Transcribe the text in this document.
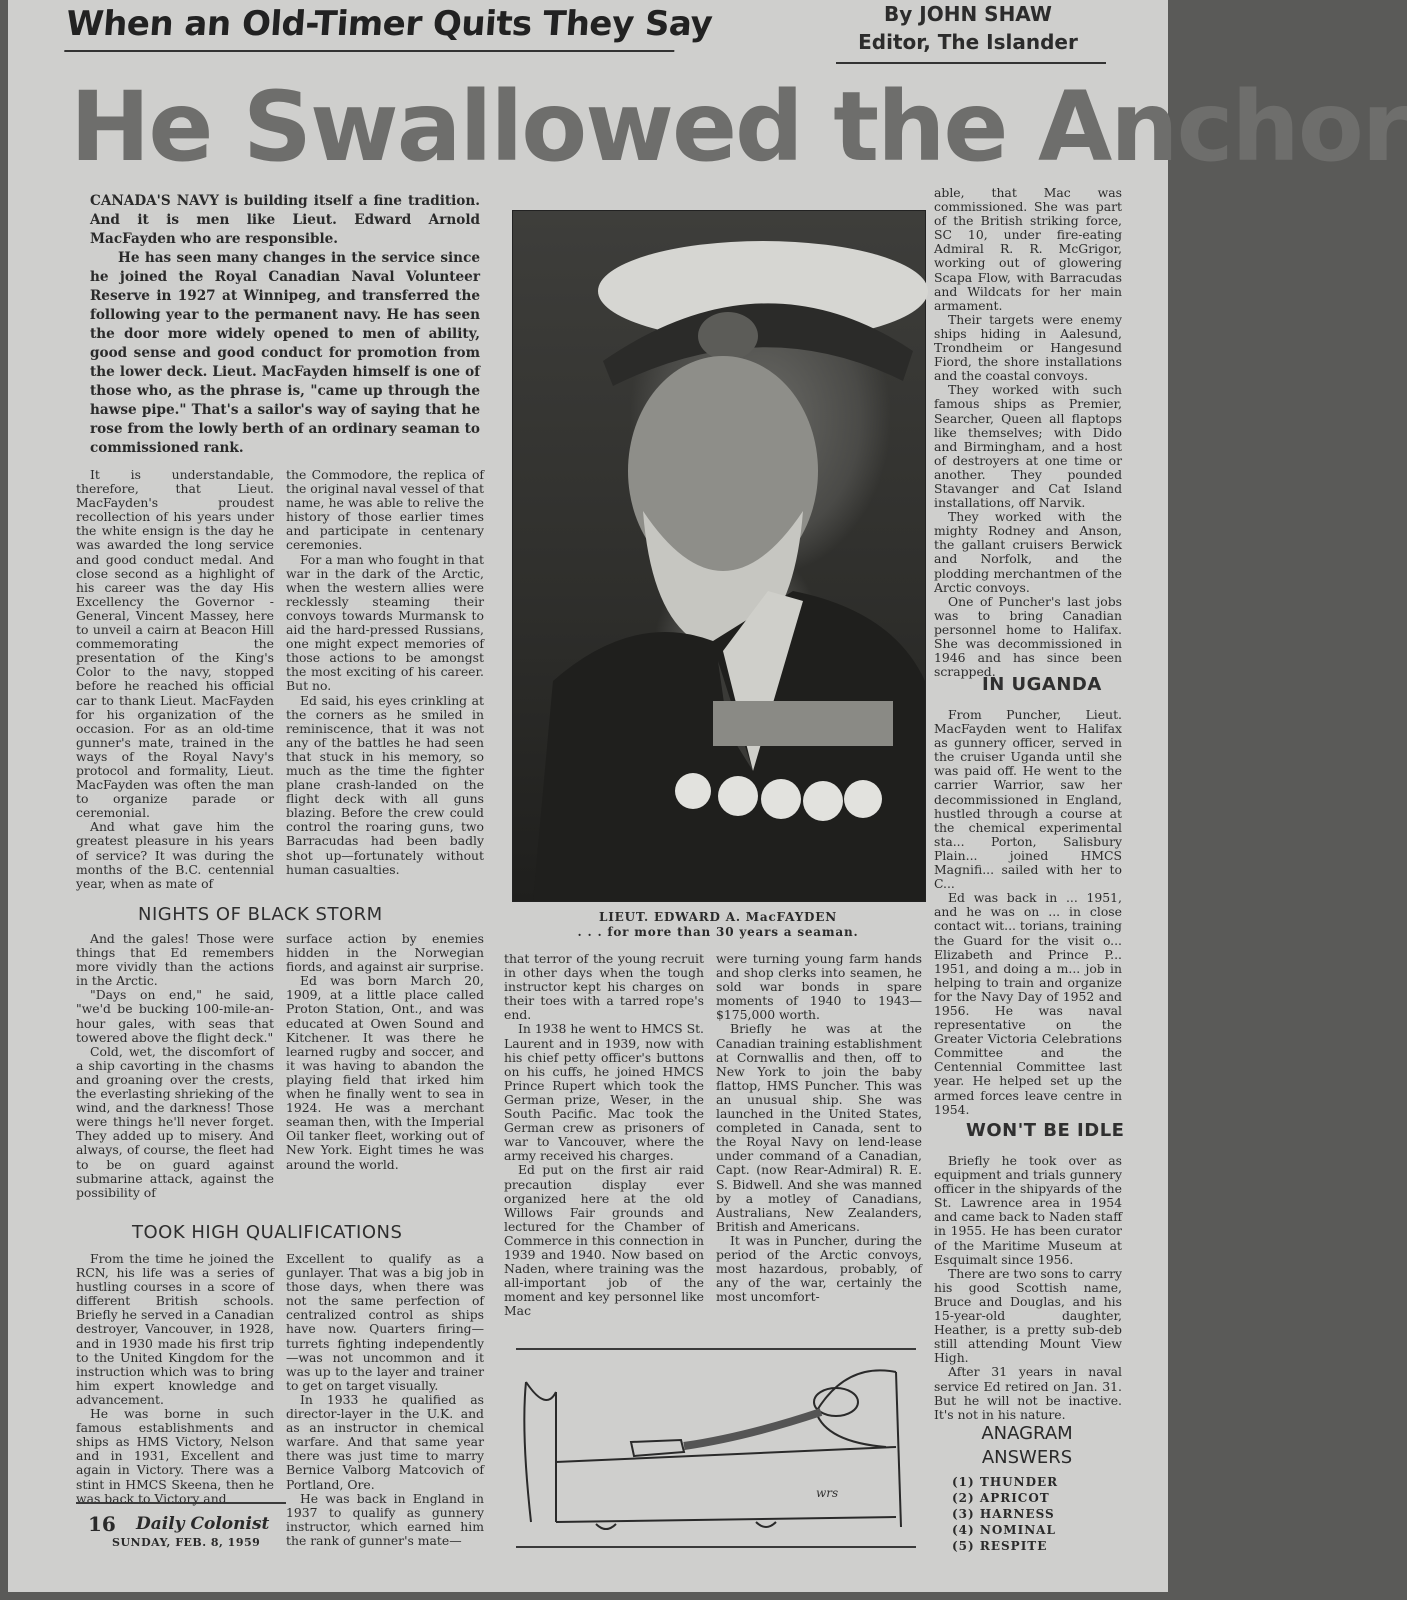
When an Old-Timer Quits They Say	By JOHN SHAW
Editor, The Islander
He Swallowed the Anchor

CANADA'S NAVY is building itself a fine tradition. And it is men like Lieut. Edward Arnold MacFayden who are responsible.

He has seen many changes in the service since he joined the Royal Canadian Naval Volunteer Reserve in 1927 at Winnipeg, and transferred the following year to the permanent navy. He has seen the door more widely opened to men of ability, good sense and good conduct for promotion from the lower deck. Lieut. MacFayden himself is one of those who, as the phrase is, "came up through the hawse pipe." That's a sailor's way of saying that he rose from the lowly berth of an ordinary seaman to commissioned rank.

It is understandable, therefore, that Lieut. MacFayden's proudest recollection of his years under the white ensign is the day he was awarded the long service and good conduct medal. And close second as a highlight of his career was the day His Excellency the Governor - General, Vincent Massey, here to unveil a cairn at Beacon Hill commemorating the presentation of the King's Color to the navy, stopped before he reached his official car to thank Lieut. MacFayden for his organization of the occasion. For as an old-time gunner's mate, trained in the ways of the Royal Navy's protocol and formality, Lieut. MacFayden was often the man to organize parade or ceremonial.

And what gave him the greatest pleasure in his years of service? It was during the months of the B.C. centennial year, when as mate of

the Commodore, the replica of the original naval vessel of that name, he was able to relive the history of those earlier times and participate in centenary ceremonies.

For a man who fought in that war in the dark of the Arctic, when the western allies were recklessly steaming their convoys towards Murmansk to aid the hard-pressed Russians, one might expect memories of those actions to be amongst the most exciting of his career. But no.

Ed said, his eyes crinkling at the corners as he smiled in reminiscence, that it was not any of the battles he had seen that stuck in his memory, so much as the time the fighter plane crash-landed on the flight deck with all guns blazing. Before the crew could control the roaring guns, two Barracudas had been badly shot up—fortunately without human casualties.

NIGHTS OF BLACK STORM

And the gales! Those were things that Ed remembers more vividly than the actions in the Arctic.

"Days on end," he said, "we'd be bucking 100-mile-an-hour gales, with seas that towered above the flight deck."

Cold, wet, the discomfort of a ship cavorting in the chasms and groaning over the crests, the everlasting shrieking of the wind, and the darkness! Those were things he'll never forget. They added up to misery. And always, of course, the fleet had to be on guard against submarine attack, against the possibility of

surface action by enemies hidden in the Norwegian fiords, and against air surprise.

Ed was born March 20, 1909, at a little place called Proton Station, Ont., and was educated at Owen Sound and Kitchener. It was there he learned rugby and soccer, and it was having to abandon the playing field that irked him when he finally went to sea in 1924. He was a merchant seaman then, with the Imperial Oil tanker fleet, working out of New York. Eight times he was around the world.

TOOK HIGH QUALIFICATIONS

From the time he joined the RCN, his life was a series of hustling courses in a score of different British schools. Briefly he served in a Canadian destroyer, Vancouver, in 1928, and in 1930 made his first trip to the United Kingdom for the instruction which was to bring him expert knowledge and advancement.

He was borne in such famous establishments and ships as HMS Victory, Nelson and in 1931, Excellent and again in Victory. There was a stint in HMCS Skeena, then he was back to Victory and

Excellent to qualify as a gunlayer. That was a big job in those days, when there was not the same perfection of centralized control as ships have now. Quarters firing—turrets fighting independently—was not uncommon and it was up to the layer and trainer to get on target visually.

In 1933 he qualified as director-layer in the U.K. and as an instructor in chemical warfare. And that same year there was just time to marry Bernice Valborg Matcovich of Portland, Ore.

He was back in England in 1937 to qualify as gunnery instructor, which earned him the rank of gunner's mate—

16 Daily Colonist
SUNDAY, FEB. 8, 1959
LIEUT. EDWARD A. MacFAYDEN
. . . for more than 30 years a seaman.

that terror of the young recruit in other days when the tough instructor kept his charges on their toes with a tarred rope's end.

In 1938 he went to HMCS St. Laurent and in 1939, now with his chief petty officer's buttons on his cuffs, he joined HMCS Prince Rupert which took the German prize, Weser, in the South Pacific. Mac took the German crew as prisoners of war to Vancouver, where the army received his charges.

Ed put on the first air raid precaution display ever organized here at the old Willows Fair grounds and lectured for the Chamber of Commerce in this connection in 1939 and 1940. Now based on Naden, where training was the all-important job of the moment and key personnel like Mac

were turning young farm hands and shop clerks into seamen, he sold war bonds in spare moments of 1940 to 1943—$175,000 worth.

Briefly he was at the Canadian training establishment at Cornwallis and then, off to New York to join the baby flattop, HMS Puncher. This was an unusual ship. She was launched in the United States, completed in Canada, sent to the Royal Navy on lend-lease under command of a Canadian, Capt. (now Rear-Admiral) R. E. S. Bidwell. And she was manned by a motley of Canadians, Australians, New Zealanders, British and Americans.

It was in Puncher, during the period of the Arctic convoys, most hazardous, probably, of any of the war, certainly the most uncomfort-

wrs

able, that Mac was commissioned. She was part of the British striking force, SC 10, under fire-eating Admiral R. R. McGrigor, working out of glowering Scapa Flow, with Barracudas and Wildcats for her main armament.

Their targets were enemy ships hiding in Aalesund, Trondheim or Hangesund Fiord, the shore installations and the coastal convoys.

They worked with such famous ships as Premier, Searcher, Queen all flaptops like themselves; with Dido and Birmingham, and a host of destroyers at one time or another. They pounded Stavanger and Cat Island installations, off Narvik.

They worked with the mighty Rodney and Anson, the gallant cruisers Berwick and Norfolk, and the plodding merchantmen of the Arctic convoys.

One of Puncher's last jobs was to bring Canadian personnel home to Halifax. She was decommissioned in 1946 and has since been scrapped.

IN UGANDA

From Puncher, Lieut. MacFayden went to Halifax as gunnery officer, served in the cruiser Uganda until she was paid off. He went to the carrier Warrior, saw her decommissioned in England, hustled through a course at the chemical experimental sta... Porton, Salisbury Plain... joined HMCS Magnifi... sailed with her to C...

Ed was back in ... 1951, and he was on ... in close contact wit... torians, training the Guard for the visit o... Elizabeth and Prince P... 1951, and doing a m... job in helping to train and organize for the Navy Day of 1952 and 1956. He was naval representative on the Greater Victoria Celebrations Committee and the Centennial Committee last year. He helped set up the armed forces leave centre in 1954.

WON'T BE IDLE

Briefly he took over as equipment and trials gunnery officer in the shipyards of the St. Lawrence area in 1954 and came back to Naden staff in 1955. He has been curator of the Maritime Museum at Esquimalt since 1956.

There are two sons to carry his good Scottish name, Bruce and Douglas, and his 15-year-old daughter, Heather, is a pretty sub-deb still attending Mount View High.

After 31 years in naval service Ed retired on Jan. 31. But he will not be inactive. It's not in his nature.

ANAGRAM
ANSWERS
(1) THUNDER
(2) APRICOT
(3) HARNESS
(4) NOMINAL
(5) RESPITE
